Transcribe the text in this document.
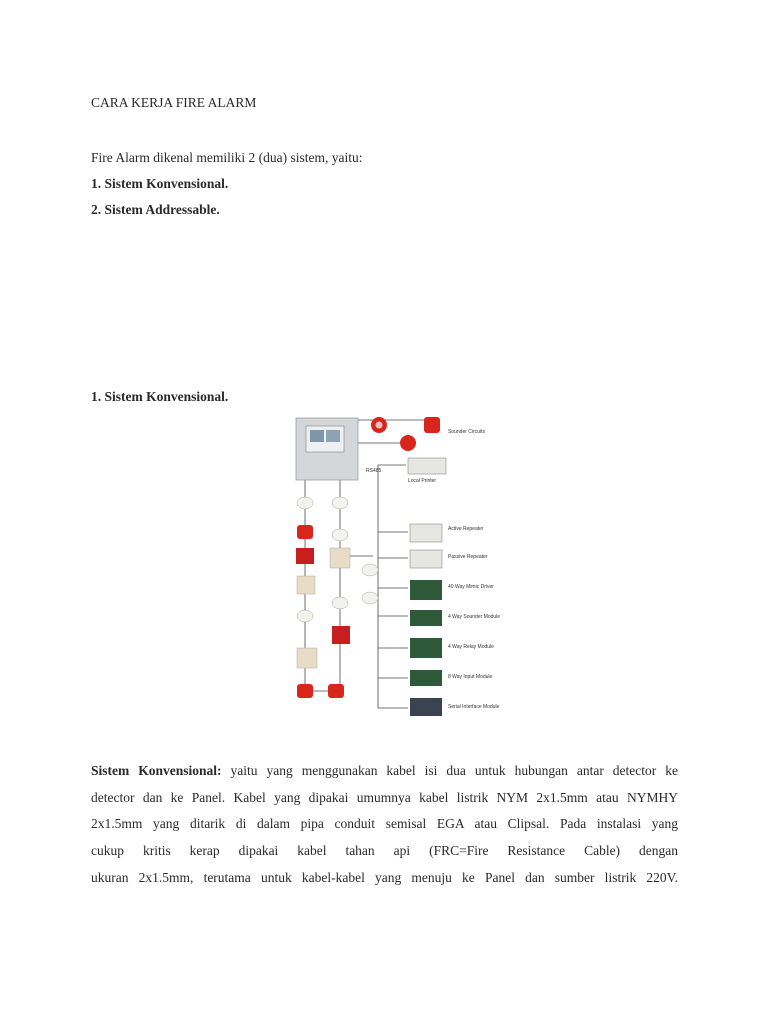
CARA KERJA FIRE ALARM
Fire Alarm dikenal memiliki 2 (dua) sistem, yaitu:
1. Sistem Konvensional.
2. Sistem Addressable.
1. Sistem Konvensional.
Sounder Circuits
RS485
Local Printer
Active Repeater
Passive Repeater
40 Way Mimic Driver
4 Way Sounder Module
4 Way Relay Module
8 Way Input Module
Serial Interface Module
Sistem Konvensional: yaitu yang menggunakan kabel isi dua untuk hubungan antar detector ke
detector dan ke Panel. Kabel yang dipakai umumnya kabel listrik NYM 2x1.5mm atau NYMHY
2x1.5mm yang ditarik di dalam pipa conduit semisal EGA atau Clipsal. Pada instalasi yang
cukup kritis kerap dipakai kabel tahan api (FRC=Fire Resistance Cable) dengan
ukuran 2x1.5mm, terutama untuk kabel-kabel yang menuju ke Panel dan sumber listrik 220V.
